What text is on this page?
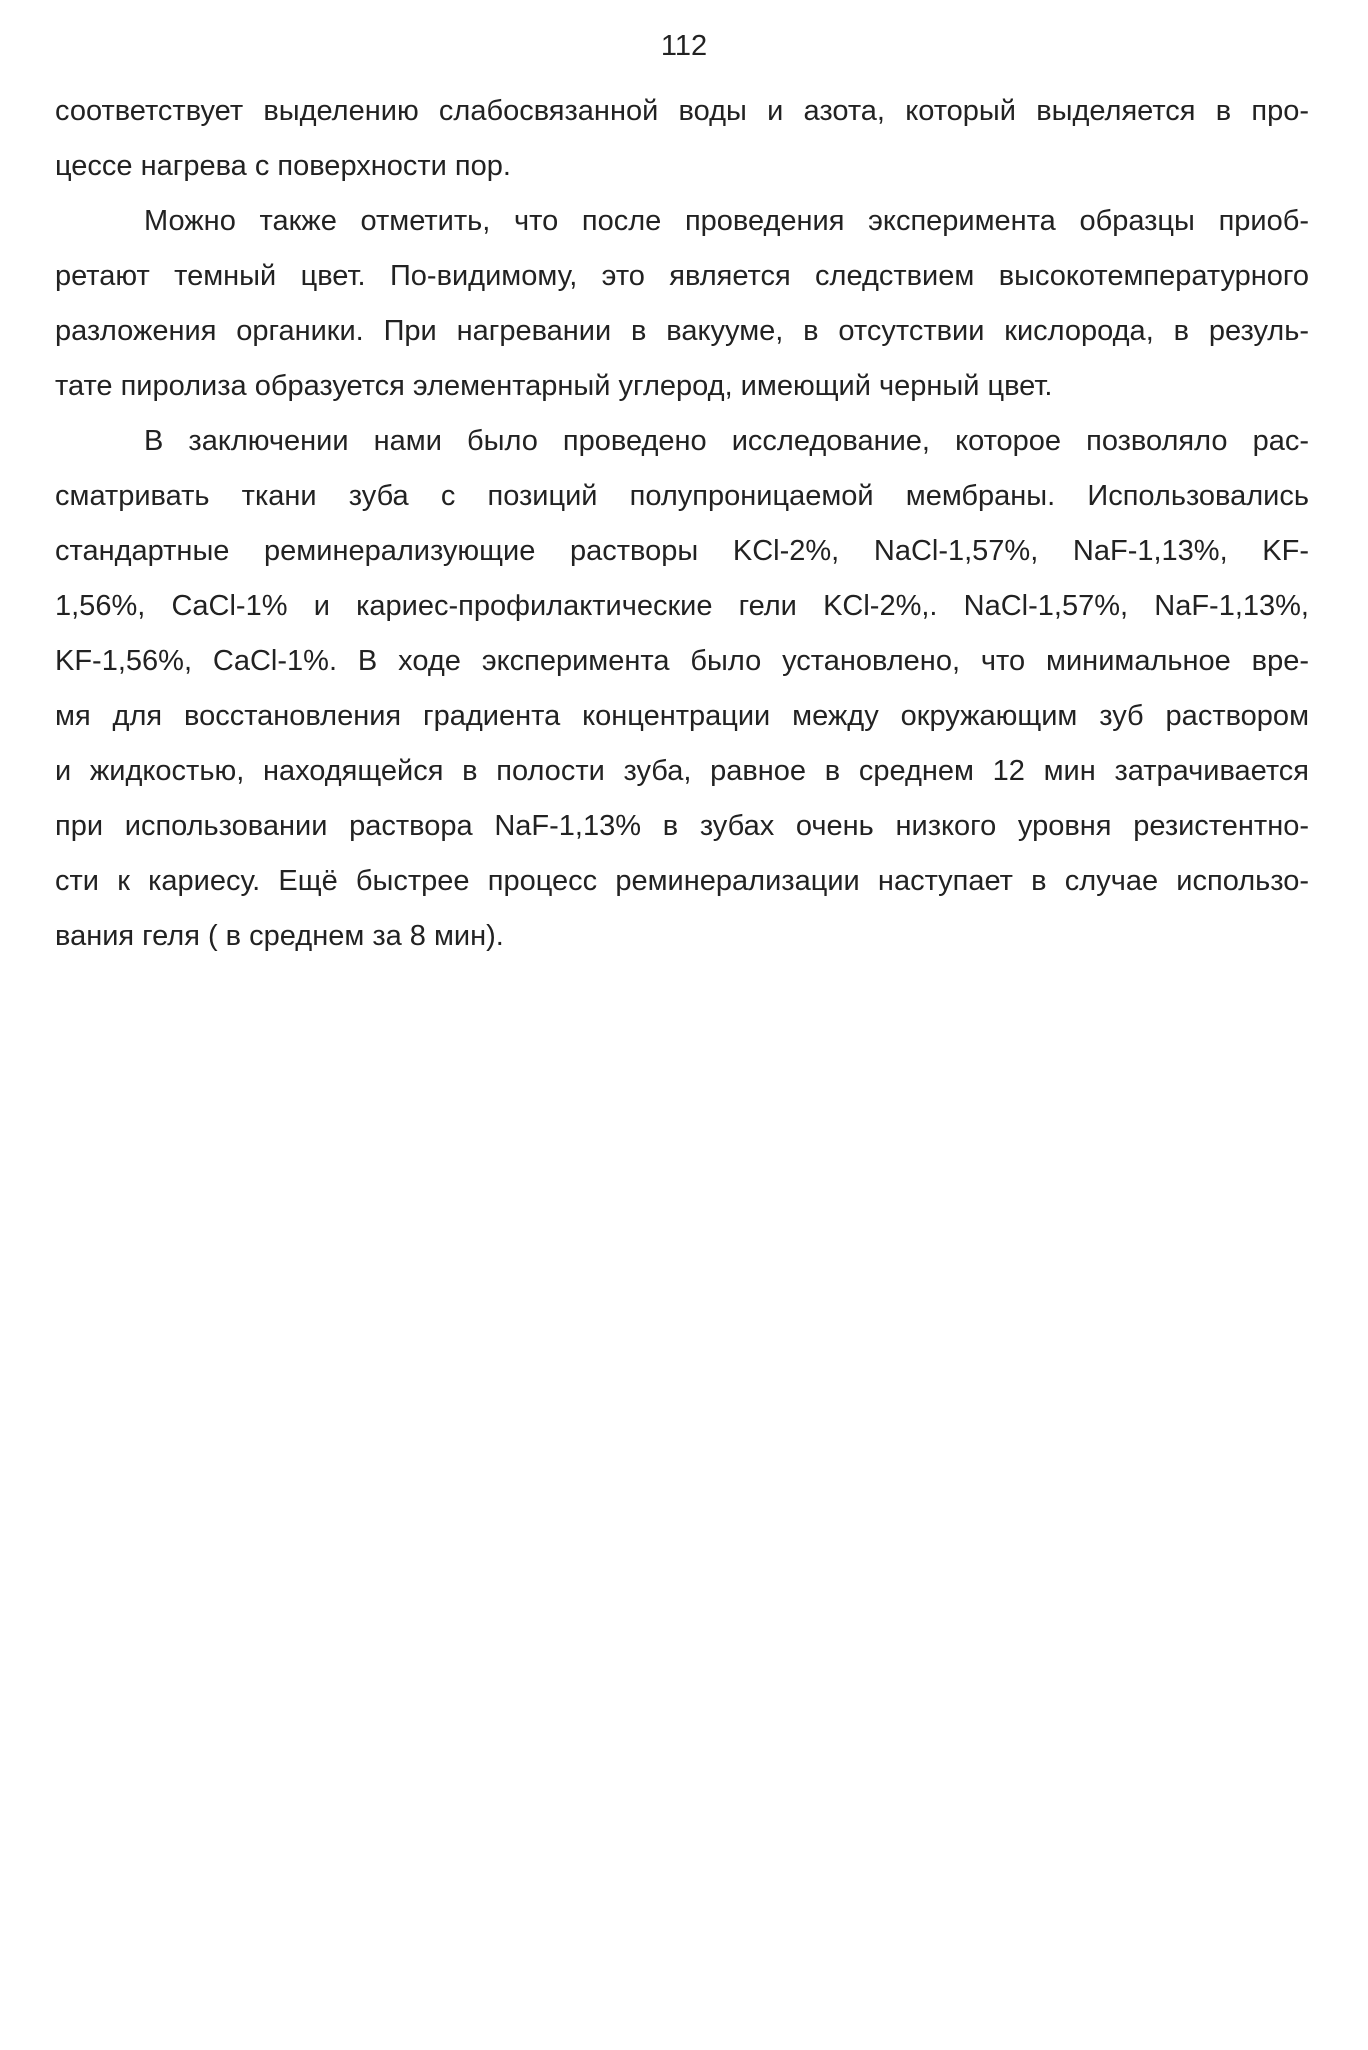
112
соответствует выделению слабосвязанной воды и азота, который выделяется в про-
цессе нагрева с поверхности пор.
Можно также отметить, что после проведения эксперимента образцы приоб-
ретают темный цвет. По-видимому, это является следствием высокотемпературного
разложения органики. При нагревании в вакууме, в отсутствии кислорода, в резуль-
тате пиролиза образуется элементарный углерод, имеющий черный цвет.
В заключении нами было проведено исследование, которое позволяло рас-
сматривать ткани зуба с позиций полупроницаемой мембраны. Использовались
стандартные реминерализующие растворы KCl-2%, NaCl-1,57%, NaF-1,13%, KF-
1,56%, CaCl-1% и кариес-профилактические гели KCl-2%,. NaCl-1,57%, NaF-1,13%,
KF-1,56%, CaCl-1%. В ходе эксперимента было установлено, что минимальное вре-
мя для восстановления градиента концентрации между окружающим зуб раствором
и жидкостью, находящейся в полости зуба, равное в среднем 12 мин затрачивается
при использовании раствора NaF-1,13% в зубах очень низкого уровня резистентно-
сти к кариесу. Ещё быстрее процесс реминерализации наступает в случае использо-
вания геля ( в среднем за 8 мин).
